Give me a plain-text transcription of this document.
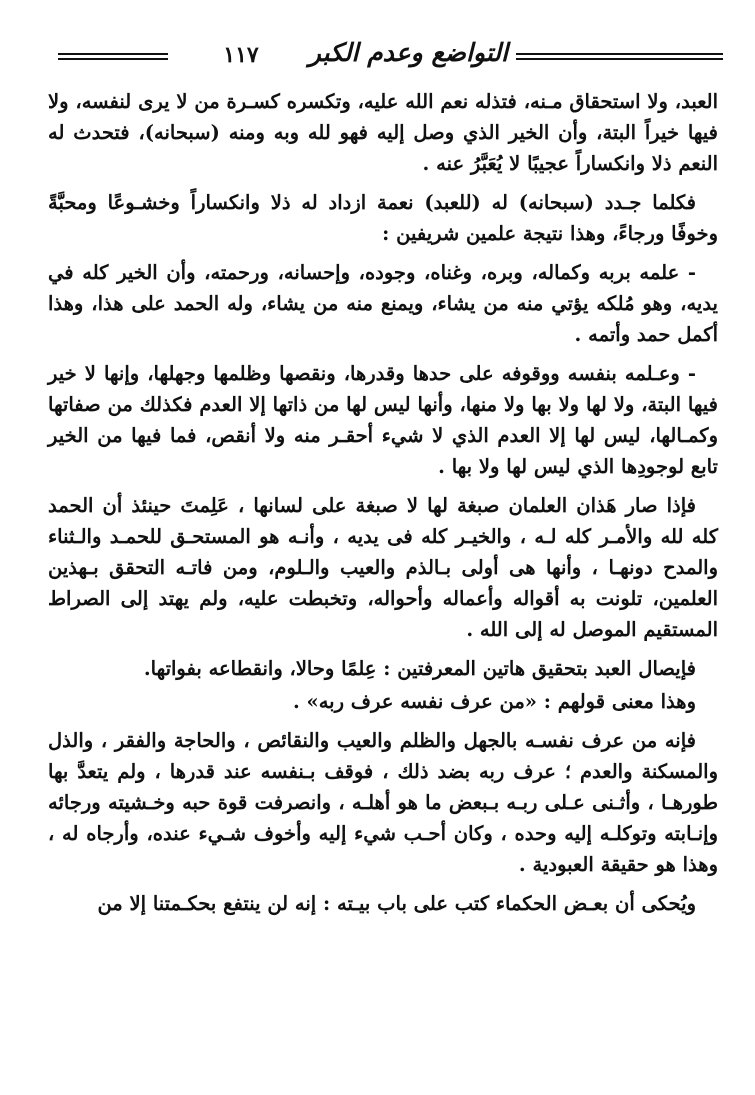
١١٧	التواضع وعدم الكبر

العبد، ولا استحقاق مـنه، فتذله نعم الله عليه، وتكسره كسـرة من لا يرى لنفسه، ولا فيها خيراً البتة، وأن الخير الذي وصل إليه فهو لله وبه ومنه (سبحانه)، فتحدث له النعم ذلا وانكساراً عجيبًا لا يُعَبَّرُ عنه .

فكلما جـدد (سبحانه) له (للعبد) نعمة ازداد له ذلا وانكساراً وخشـوعًا ومحبَّةً وخوفًا ورجاءً، وهذا نتيجة علمين شريفين :

- علمه بربه وكماله، وبره، وغناه، وجوده، وإحسانه، ورحمته، وأن الخير كله في يديه، وهو مُلكه يؤتي منه من يشاء، ويمنع منه من يشاء، وله الحمد على هذا، وهذا أكمل حمد وأتمه .

- وعـلمه بنفسه ووقوفه على حدها وقدرها، ونقصها وظلمها وجهلها، وإنها لا خير فيها البتة، ولا لها ولا بها ولا منها، وأنها ليس لها من ذاتها إلا العدم فكذلك من صفاتها وكمـالها، ليس لها إلا العدم الذي لا شيء أحقـر منه ولا أنقص، فما فيها من الخير تابع لوجودِها الذي ليس لها ولا بها .

فإذا صار هَذان العلمان صبغة لها لا صبغة على لسانها ، عَلِمتَ حينئذ أن الحمد كله لله والأمـر كله لـه ، والخيـر كله فى يديه ، وأنـه هو المستحـق للحمـد والـثناء والمدح دونهـا ، وأنها هى أولى بـالذم والعيب والـلوم، ومن فاتـه التحقق بـهذين العلمين، تلونت به أقواله وأعماله وأحواله، وتخبطت عليه، ولم يهتد إلى الصراط المستقيم الموصل له إلى الله .

فإيصال العبد بتحقيق هاتين المعرفتين : عِلمًا وحالا، وانقطاعه بفواتها.

وهذا معنى قولهم : «من عرف نفسه عرف ربه» .

فإنه من عرف نفسـه بالجهل والظلم والعيب والنقائص ، والحاجة والفقر ، والذل والمسكنة والعدم ؛ عرف ربه بضد ذلك ، فوقف بـنفسه عند قدرها ، ولم يتعدَّ بها طورهـا ، وأثـنى عـلى ربـه بـبعض ما هو أهلـه ، وانصرفت قوة حبه وخـشيته ورجائه وإنـابته وتوكلـه إليه وحده ، وكان أحـب شيء إليه وأخوف شـيء عنده، وأرجاه له ، وهذا هو حقيقة العبودية .

ويُحكى أن بعـض الحكماء كتب على باب بيـته : إنه لن ينتفع بحكـمتنا إلا من
